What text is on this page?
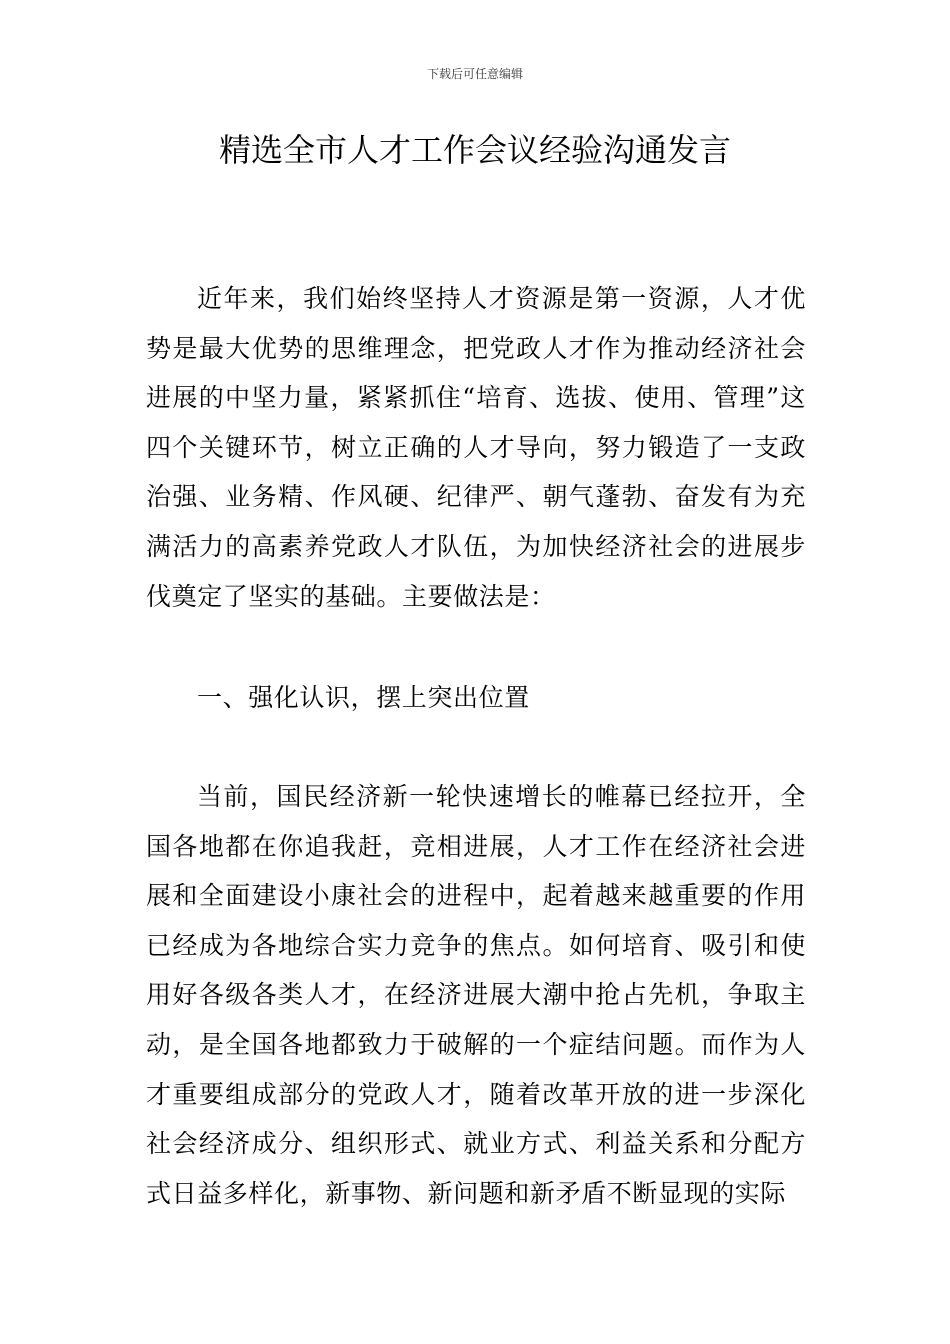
下载后可任意编辑
精选全市人才工作会议经验沟通发言

近年来，我们始终坚持人才资源是第一资源，人才优势是最大优势的思维理念，把党政人才作为推动经济社会进展的中坚力量，紧紧抓住“培育、选拔、使用、管理”这四个关键环节，树立正确的人才导向，努力锻造了一支政治强、业务精、作风硬、纪律严、朝气蓬勃、奋发有为充满活力的高素养党政人才队伍，为加快经济社会的进展步伐奠定了坚实的基础。主要做法是：

一、强化认识，摆上突出位置

当前，国民经济新一轮快速增长的帷幕已经拉开，全国各地都在你追我赶，竞相进展，人才工作在经济社会进展和全面建设小康社会的进程中，起着越来越重要的作用已经成为各地综合实力竞争的焦点。如何培育、吸引和使用好各级各类人才，在经济进展大潮中抢占先机，争取主动，是全国各地都致力于破解的一个症结问题。而作为人才重要组成部分的党政人才，随着改革开放的进一步深化社会经济成分、组织形式、就业方式、利益关系和分配方式日益多样化，新事物、新问题和新矛盾不断显现的实际
